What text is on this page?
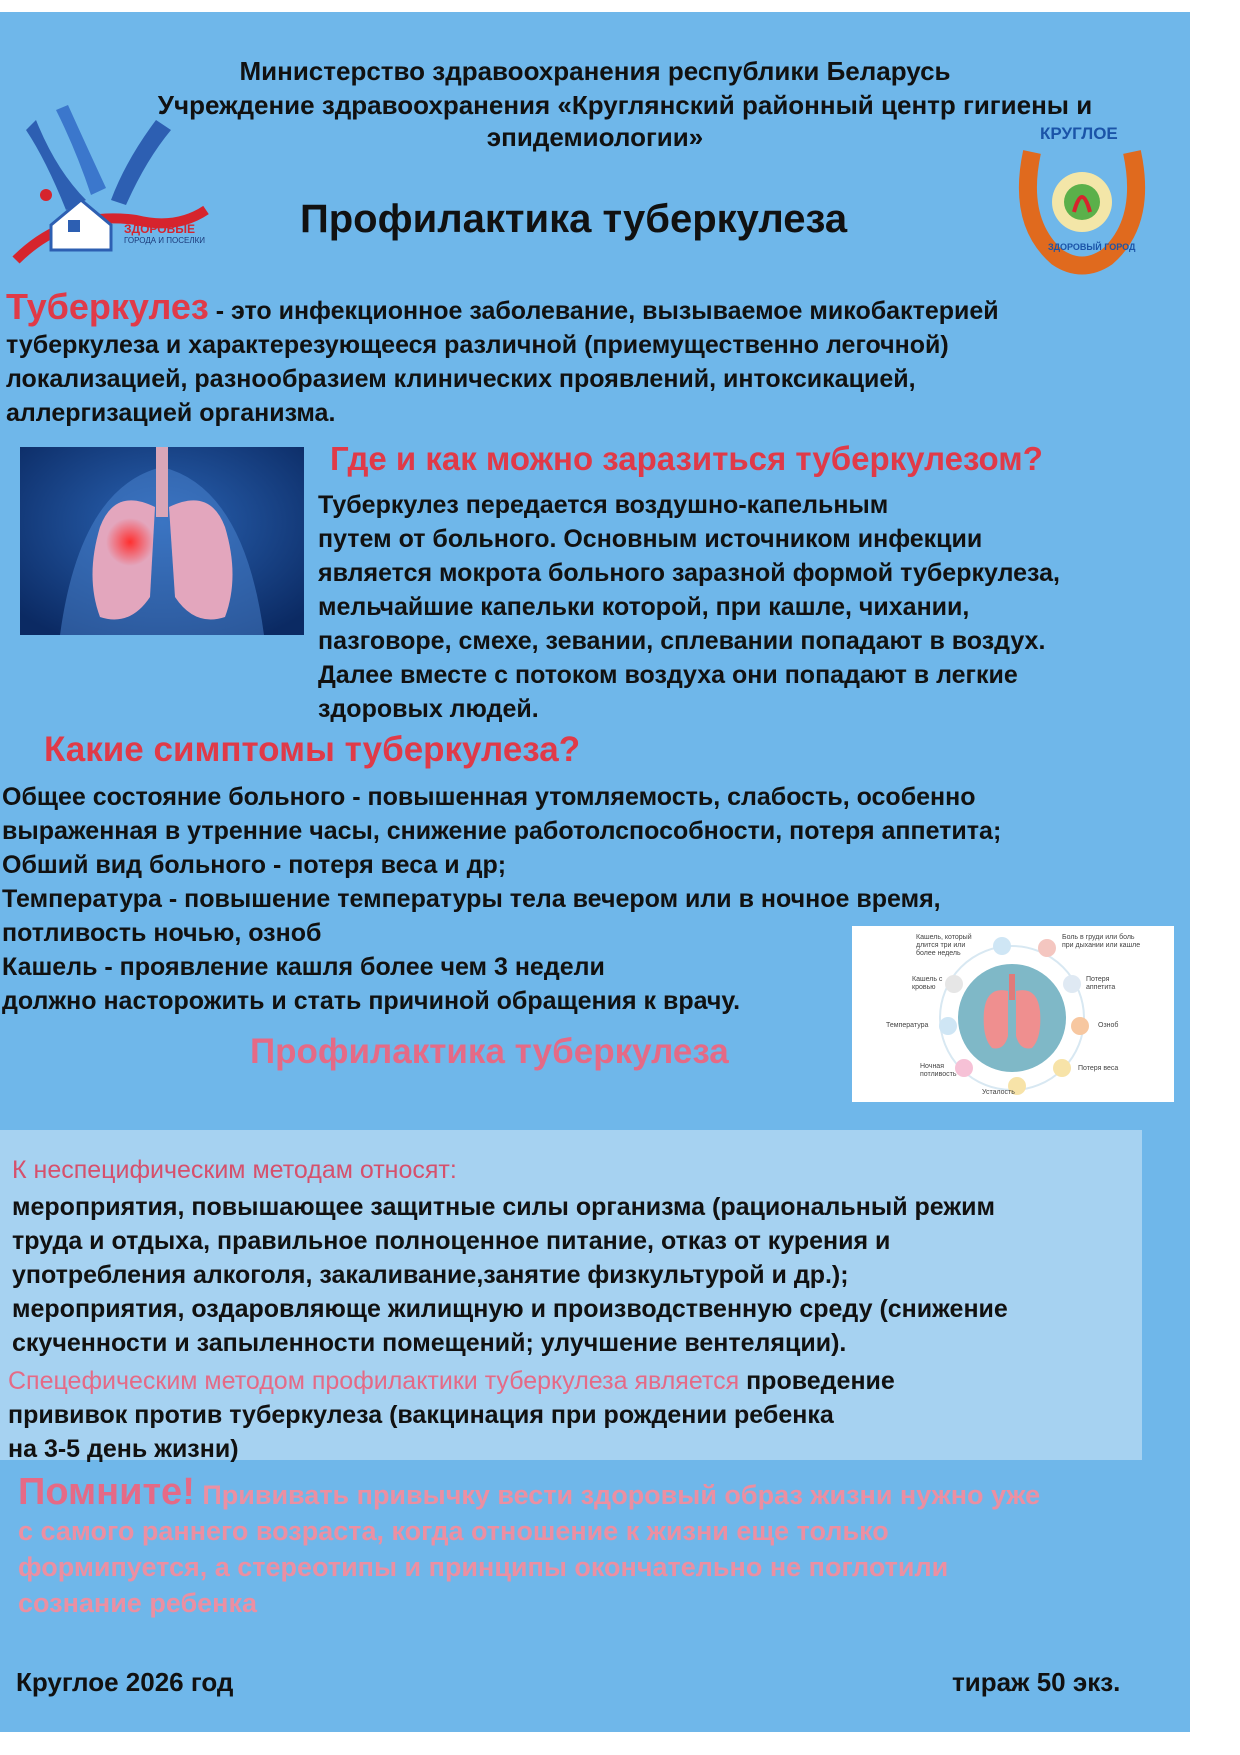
Министерство здравоохранения республики Беларусь
Учреждение здравоохранения «Круглянский районный центр гигиены и
эпидемиологии»
ЗДОРОВЫЕ
ГОРОДА И ПОСЕЛКИ
КРУГЛОЕ
ЗДОРОВЫЙ ГОРОД
Профилактика туберкулеза
Туберкулез - это инфекционное заболевание, вызываемое микобактерией
туберкулеза и характерезующееся различной (приемущественно легочной)
локализацией, разнообразием клинических проявлений, интоксикацией,
аллергизацией организма.
Где и как можно заразиться туберкулезом?
Туберкулез передается воздушно-капельным
путем от больного. Основным источником инфекции
является мокрота больного заразной формой туберкулеза,
мельчайшие капельки которой, при кашле, чихании,
пазговоре, смехе, зевании, сплевании попадают в воздух.
Далее вместе с потоком воздуха они попадают в легкие
здоровых людей.
Какие симптомы туберкулеза?
Общее состояние больного - повышенная утомляемость, слабость, особенно
выраженная в утренние часы, снижение работолспособности, потеря аппетита;
Обший вид больного - потеря веса и др;
Температура - повышение температуры тела вечером или в ночное время,
потливость ночью, озноб
Кашель - проявление кашля более чем 3 недели
должно насторожить и стать причиной обращения к врачу.
Кашель, который длится три или более недель
Боль в груди или боль при дыхании или кашле
Кашель с кровью
Потеря аппетита
Температура	Озноб
Ночная потливость
Потеря веса
Усталость
Профилактика туберкулеза
К неспецифическим методам относят:
мероприятия, повышающее защитные силы организма (рациональный режим
труда и отдыха, правильное полноценное питание, отказ от курения и
употребления алкоголя, закаливание,занятие физкультурой и др.);
мероприятия, оздаровляюще жилищную и производственную среду (снижение
скученности и запыленности помещений; улучшение вентеляции).
Спецефическим методом профилактики туберкулеза является проведение
прививок против туберкулеза (вакцинация при рождении ребенка
на 3-5 день жизни)
Помните! Прививать привычку вести здоровый образ жизни нужно уже
с самого раннего возраста, когда отношение к жизни еще только
формипуется, а стереотипы и принципы окончательно не поглотили
сознание ребенка
Круглое 2026 год	тираж 50 экз.
